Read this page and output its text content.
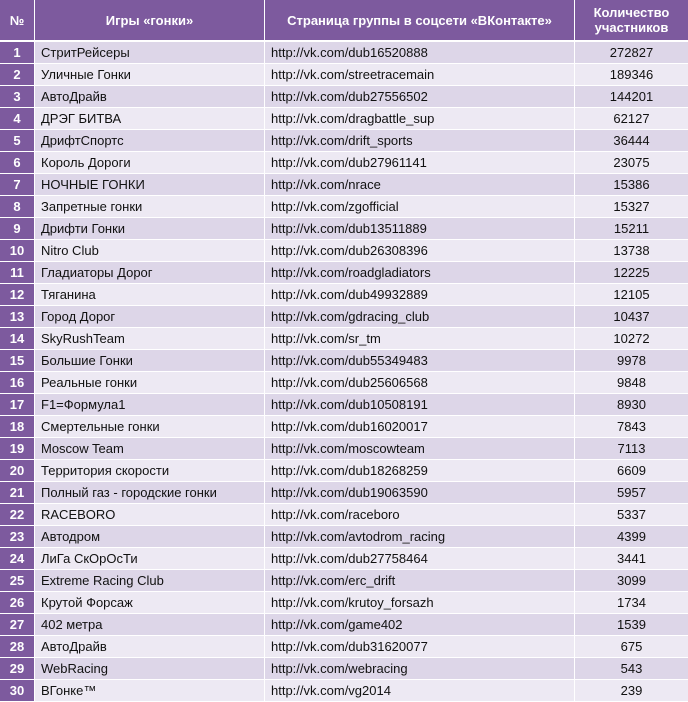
№	Игры «гонки»	Страница группы в соцсети «ВКонтакте»	Количество участников
1	СтритРейсеры	http://vk.com/dub16520888	272827
2	Уличные Гонки	http://vk.com/streetracemain	189346
3	АвтоДрайв	http://vk.com/dub27556502	144201
4	ДРЭГ БИТВА	http://vk.com/dragbattle_sup	62127
5	ДрифтСпортс	http://vk.com/drift_sports	36444
6	Король Дороги	http://vk.com/dub27961141	23075
7	НОЧНЫЕ ГОНКИ	http://vk.com/nrace	15386
8	Запретные гонки	http://vk.com/zgofficial	15327
9	Дрифти Гонки	http://vk.com/dub13511889	15211
10	Nitro Club	http://vk.com/dub26308396	13738
11	Гладиаторы Дорог	http://vk.com/roadgladiators	12225
12	Тяганина	http://vk.com/dub49932889	12105
13	Город Дорог	http://vk.com/gdracing_club	10437
14	SkyRushTeam	http://vk.com/sr_tm	10272
15	Большие Гонки	http://vk.com/dub55349483	9978
16	Реальные гонки	http://vk.com/dub25606568	9848
17	F1=Формула1	http://vk.com/dub10508191	8930
18	Смертельные гонки	http://vk.com/dub16020017	7843
19	Moscow Team	http://vk.com/moscowteam	7113
20	Территория скорости	http://vk.com/dub18268259	6609
21	Полный газ - городские гонки	http://vk.com/dub19063590	5957
22	RACEBORO	http://vk.com/raceboro	5337
23	Автодром	http://vk.com/avtodrom_racing	4399
24	ЛиГа СкОрОсТи	http://vk.com/dub27758464	3441
25	Extreme Racing Club	http://vk.com/erc_drift	3099
26	Крутой Форсаж	http://vk.com/krutoy_forsazh	1734
27	402 метра	http://vk.com/game402	1539
28	АвтоДрайв	http://vk.com/dub31620077	675
29	WebRacing	http://vk.com/webracing	543
30	ВГонке™	http://vk.com/vg2014	239
